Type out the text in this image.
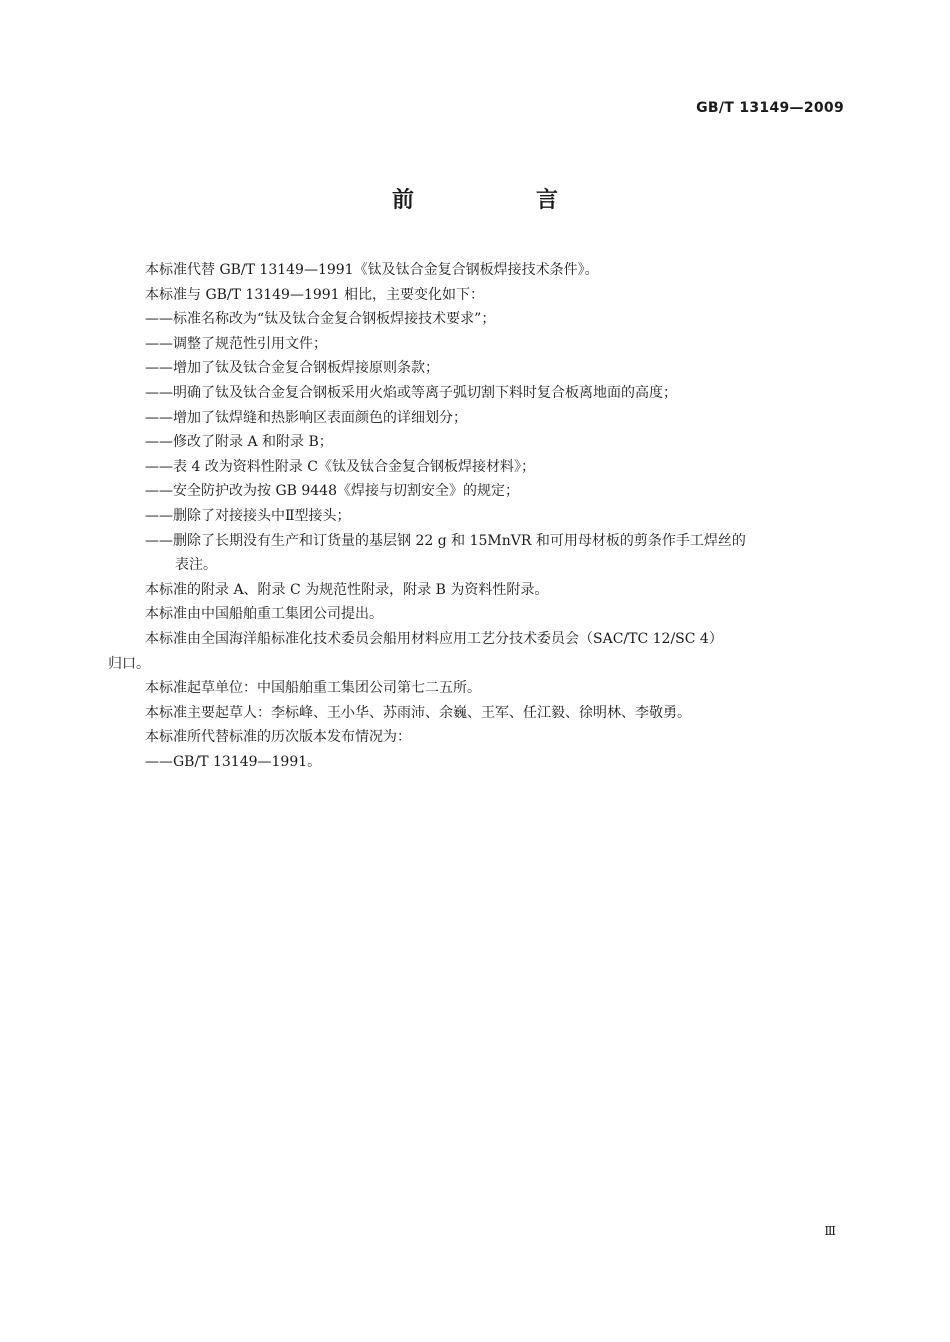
GB/T 13149—2009
前　言
本标准代替 GB/T 13149—1991《钛及钛合金复合钢板焊接技术条件》。
本标准与 GB/T 13149—1991 相比，主要变化如下：
——标准名称改为“钛及钛合金复合钢板焊接技术要求”；
——调整了规范性引用文件；
——增加了钛及钛合金复合钢板焊接原则条款；
——明确了钛及钛合金复合钢板采用火焰或等离子弧切割下料时复合板离地面的高度；
——增加了钛焊缝和热影响区表面颜色的详细划分；
——修改了附录 A 和附录 B；
——表 4 改为资料性附录 C《钛及钛合金复合钢板焊接材料》；
——安全防护改为按 GB 9448《焊接与切割安全》的规定；
——删除了对接接头中Ⅱ型接头；
——删除了长期没有生产和订货量的基层钢 22 g 和 15MnVR 和可用母材板的剪条作手工焊丝的
表注。
本标准的附录 A、附录 C 为规范性附录，附录 B 为资料性附录。
本标准由中国船舶重工集团公司提出。
本标准由全国海洋船标准化技术委员会船用材料应用工艺分技术委员会（SAC/TC 12/SC 4）
归口。
本标准起草单位：中国船舶重工集团公司第七二五所。
本标准主要起草人：李标峰、王小华、苏雨沛、余巍、王军、任江毅、徐明林、李敬勇。
本标准所代替标准的历次版本发布情况为：
——GB/T 13149—1991。
Ⅲ
